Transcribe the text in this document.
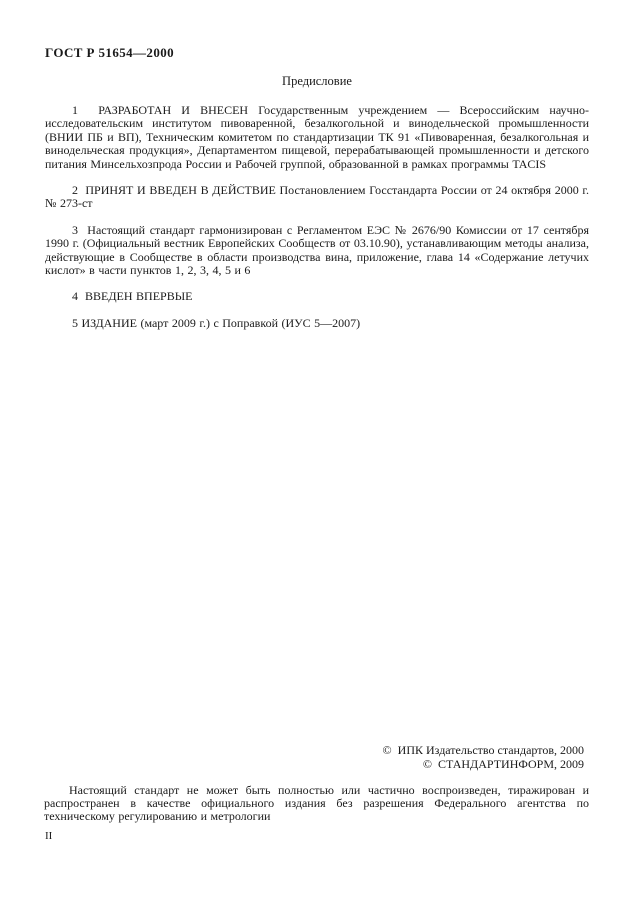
ГОСТ Р 51654—2000
Предисловие

1  РАЗРАБОТАН И ВНЕСЕН Государственным учреждением — Всероссийским научно-исследовательским институтом пивоваренной, безалкогольной и винодельческой промышленности (ВНИИ ПБ и ВП), Техническим комитетом по стандартизации ТК 91 «Пивоваренная, безалкогольная и винодельческая продукция», Департаментом пищевой, перерабатывающей промышленности и детского питания Минсельхозпрода России и Рабочей группой, образованной в рамках программы TACIS

2  ПРИНЯТ И ВВЕДЕН В ДЕЙСТВИЕ Постановлением Госстандарта России от 24 октября 2000 г. № 273-ст

3  Настоящий стандарт гармонизирован с Регламентом ЕЭС № 2676/90 Комиссии от 17 сентября 1990 г. (Официальный вестник Европейских Сообществ от 03.10.90), устанавливающим методы анализа, действующие в Сообществе в области производства вина, приложение, глава 14 «Содержание летучих кислот» в части пунктов 1, 2, 3, 4, 5 и 6

4  ВВЕДЕН ВПЕРВЫЕ

5 ИЗДАНИЕ (март 2009 г.) с Поправкой (ИУС 5—2007)

©  ИПК Издательство стандартов, 2000
©  СТАНДАРТИНФОРМ, 2009
Настоящий стандарт не может быть полностью или частично воспроизведен, тиражирован и распространен в качестве официального издания без разрешения Федерального агентства по техническому регулированию и метрологии
II
